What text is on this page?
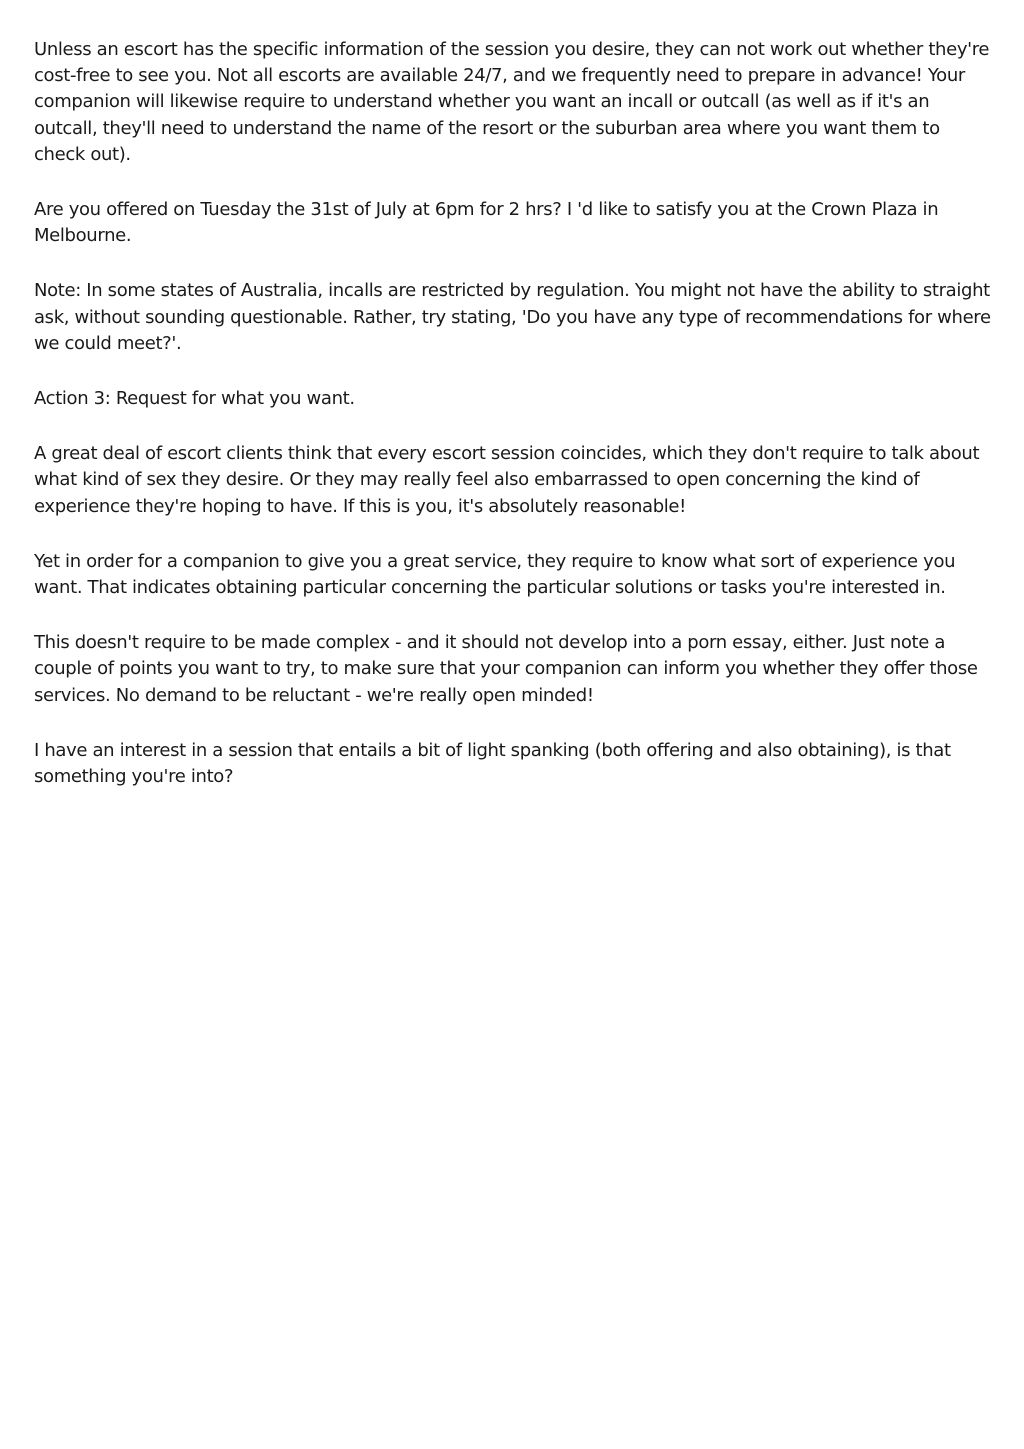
Unless an escort has the specific information of the session you desire, they can not work out whether they're cost-free to see you. Not all escorts are available 24/7, and we frequently need to prepare in advance! Your companion will likewise require to understand whether you want an incall or outcall (as well as if it's an outcall, they'll need to understand the name of the resort or the suburban area where you want them to check out).

Are you offered on Tuesday the 31st of July at 6pm for 2 hrs? I 'd like to satisfy you at the Crown Plaza in Melbourne.

Note: In some states of Australia, incalls are restricted by regulation. You might not have the ability to straight ask, without sounding questionable. Rather, try stating, 'Do you have any type of recommendations for where we could meet?'.

Action 3: Request for what you want.

A great deal of escort clients think that every escort session coincides, which they don't require to talk about what kind of sex they desire. Or they may really feel also embarrassed to open concerning the kind of experience they're hoping to have. If this is you, it's absolutely reasonable!

Yet in order for a companion to give you a great service, they require to know what sort of experience you want. That indicates obtaining particular concerning the particular solutions or tasks you're interested in.

This doesn't require to be made complex - and it should not develop into a porn essay, either. Just note a couple of points you want to try, to make sure that your companion can inform you whether they offer those services. No demand to be reluctant - we're really open minded!

I have an interest in a session that entails a bit of light spanking (both offering and also obtaining), is that something you're into?
